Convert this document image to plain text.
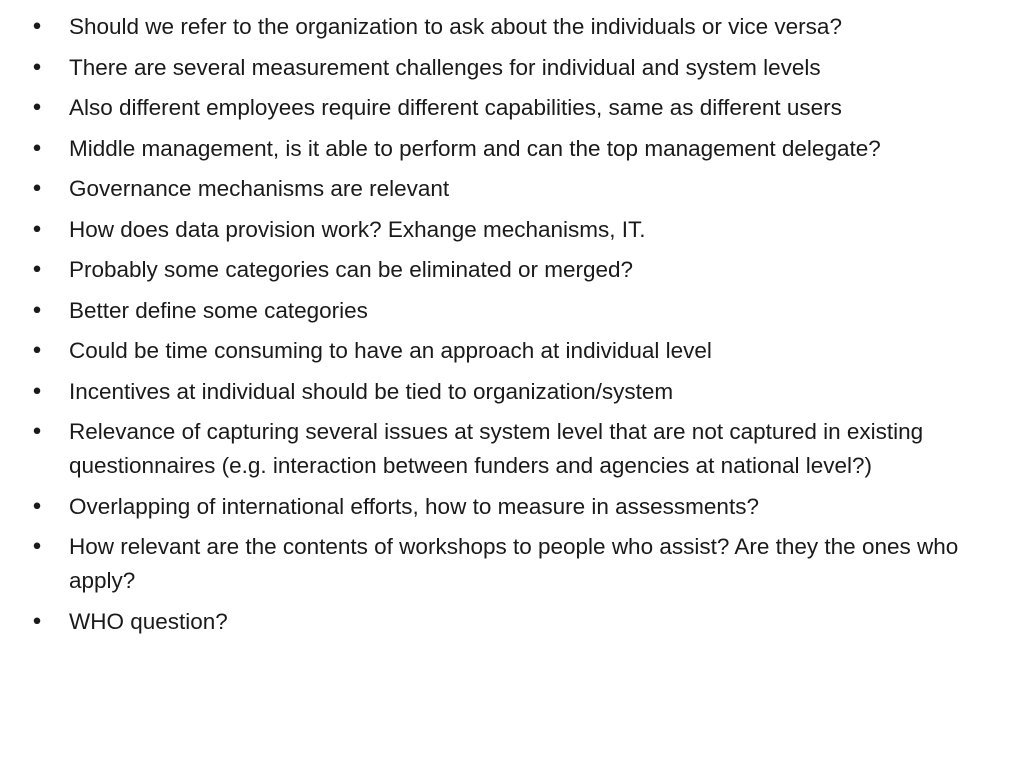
• Should we refer to the organization to ask about the individuals or vice versa?
• There are several measurement challenges for individual and system levels
• Also different employees require different capabilities, same as different users
• Middle management, is it able to perform and can the top management delegate?
• Governance mechanisms are relevant
• How does data provision work? Exhange mechanisms, IT.
• Probably some categories can be eliminated or merged?
• Better define some categories
• Could be time consuming to have an approach at individual level
• Incentives at individual should be tied to organization/system
• Relevance of capturing several issues at system level that are not captured in existing questionnaires (e.g. interaction between funders and agencies at national level?)
• Overlapping of international efforts, how to measure in assessments?
• How relevant are the contents of workshops to people who assist? Are they the ones who apply?
• WHO question?
